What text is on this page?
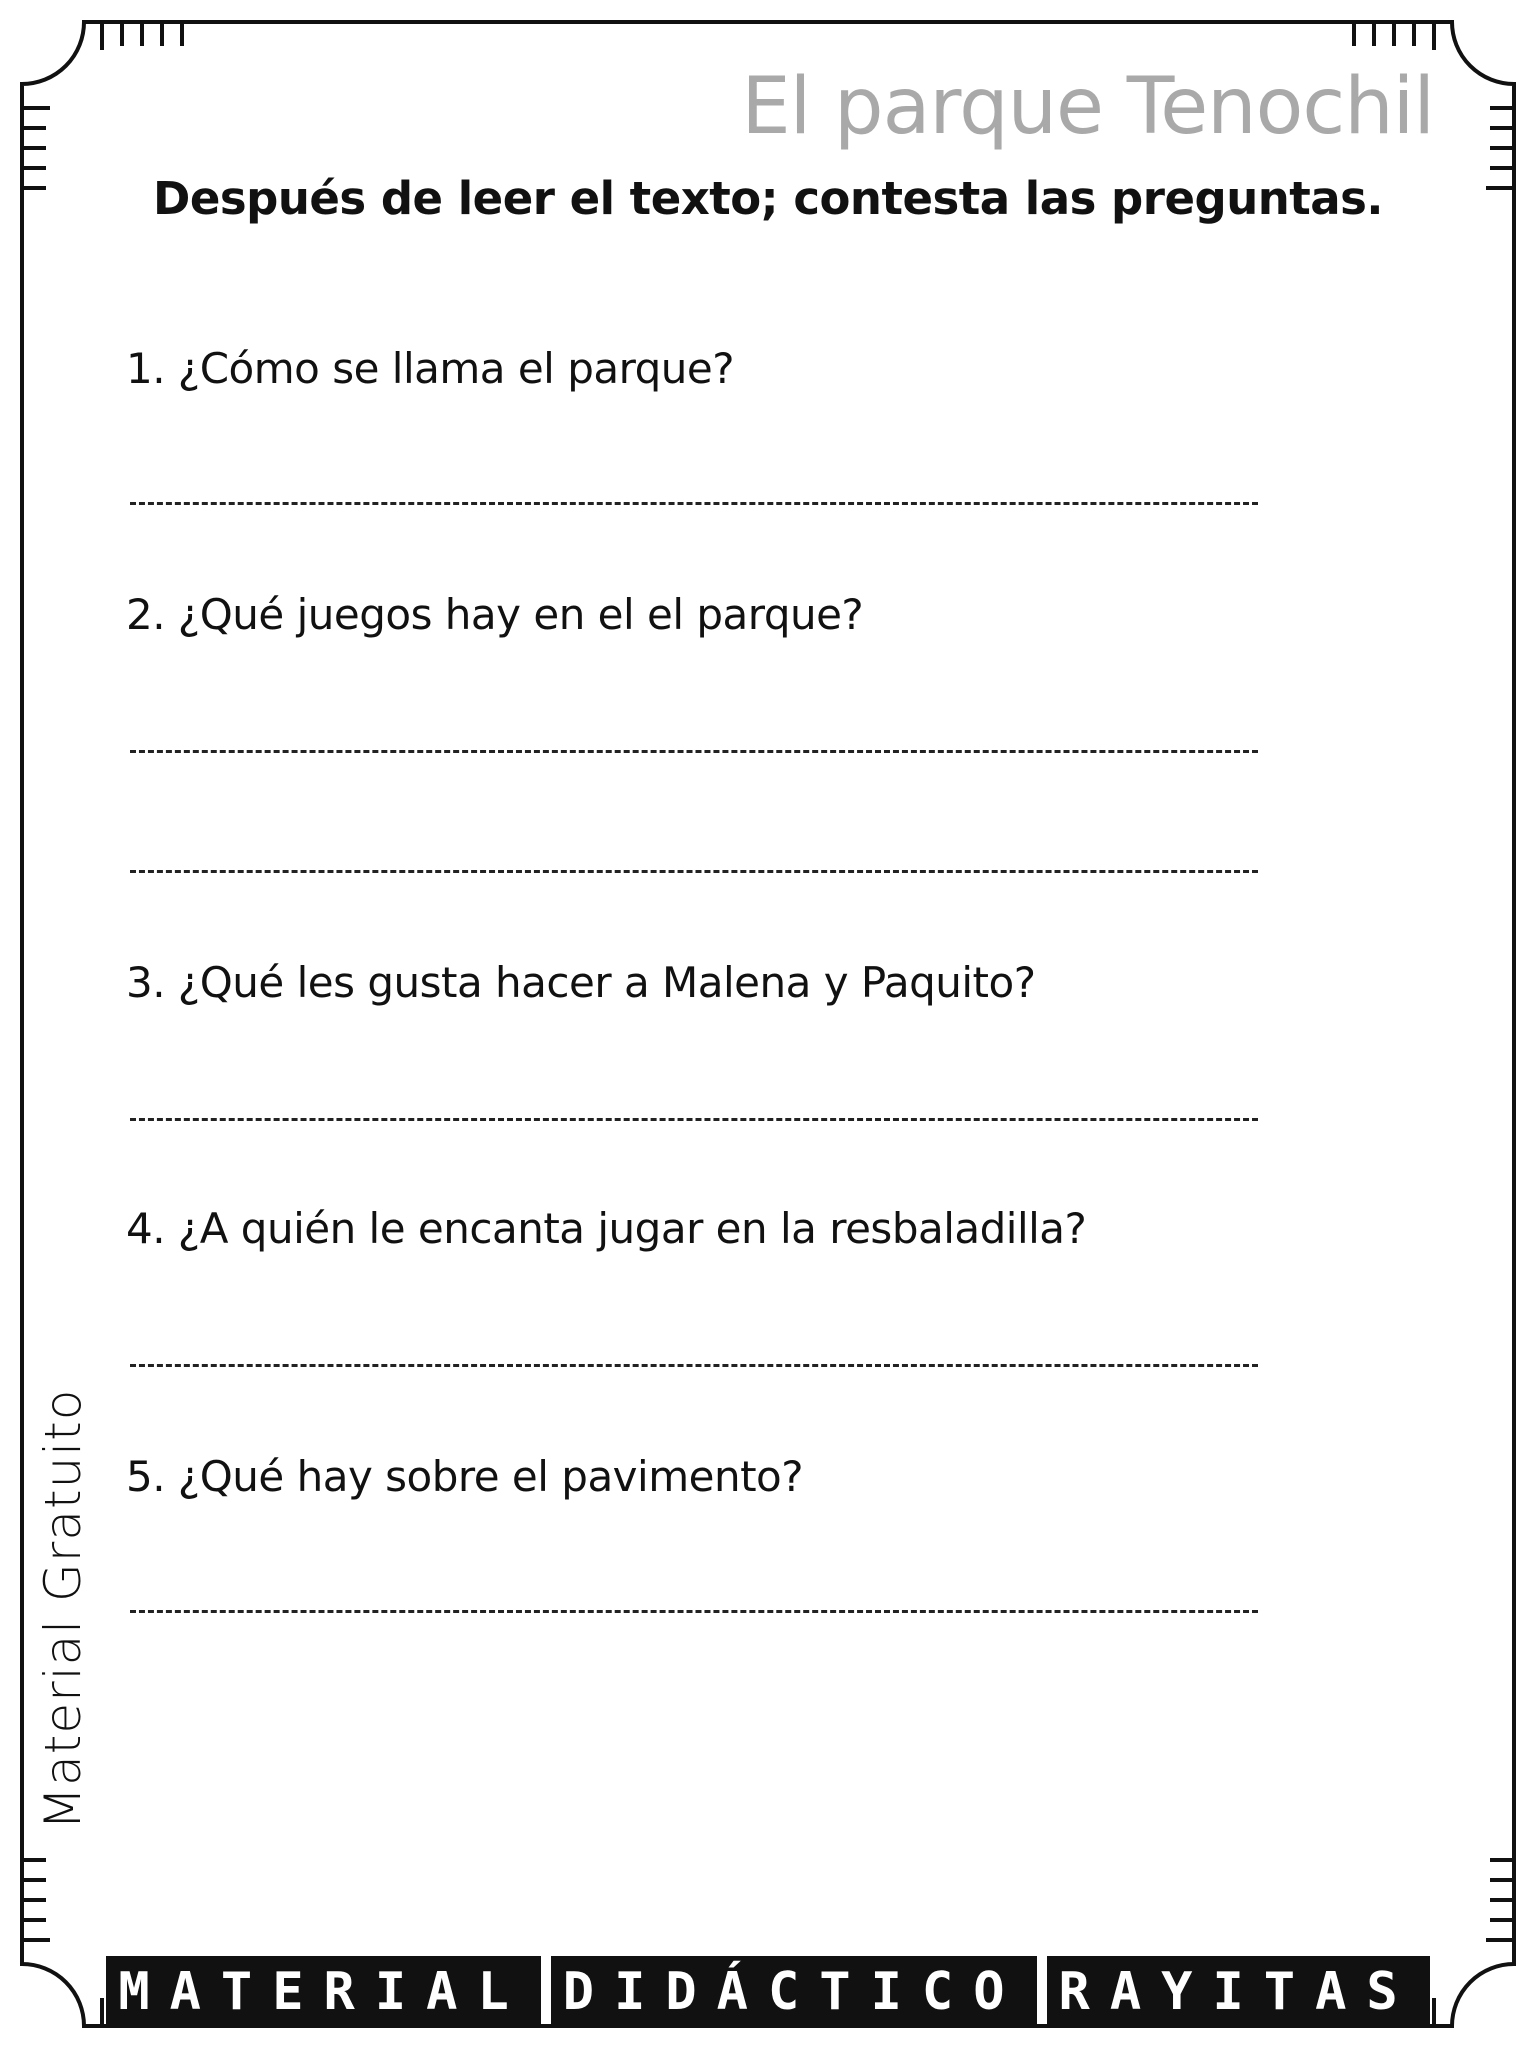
El parque Tenochil
Después de leer el texto; contesta las preguntas.
1. ¿Cómo se llama el parque?
2. ¿Qué juegos hay en el el parque?
3. ¿Qué les gusta hacer a Malena y Paquito?
4. ¿A quién le encanta jugar en la resbaladilla?
5. ¿Qué hay sobre el pavimento?
Material Gratuito
MATERIAL DIDÁCTICO RAYITAS
